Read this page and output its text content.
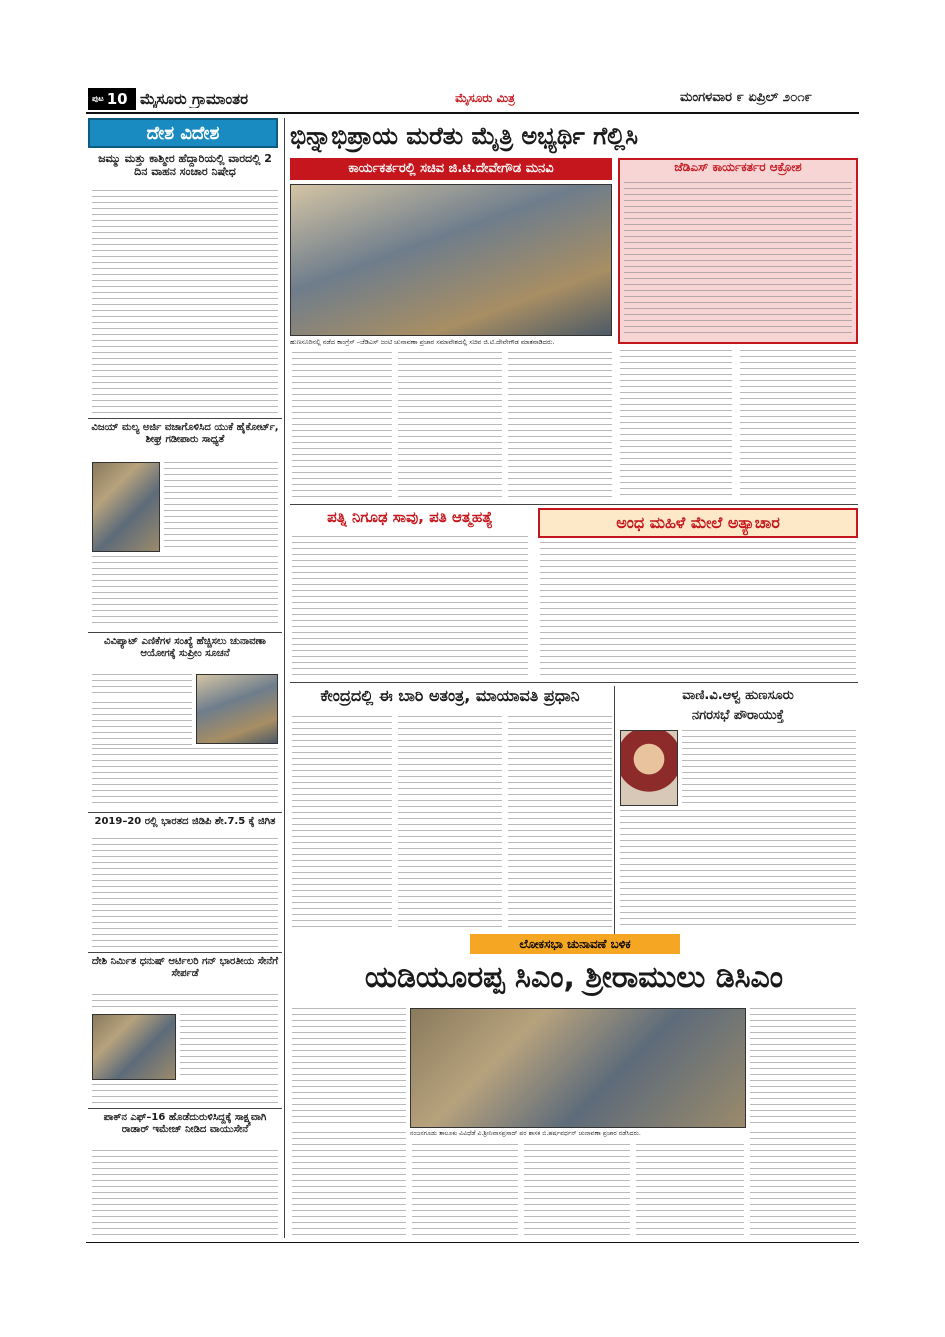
ಪುಟ 10 ಮೈಸೂರು ಗ್ರಾಮಾಂತರ	ಮೈಸೂರು ಮಿತ್ರ	ಮಂಗಳವಾರ ೯ ಏಪ್ರಿಲ್ ೨೦೧೯
ದೇಶ ವಿದೇಶ
ಜಮ್ಮು ಮತ್ತು ಕಾಶ್ಮೀರ ಹೆದ್ದಾರಿಯಲ್ಲಿ ವಾರದಲ್ಲಿ 2 ದಿನ ವಾಹನ ಸಂಚಾರ ನಿಷೇಧ
ವಿಜಯ್ ಮಲ್ಯ ಅರ್ಜಿ ವಜಾಗೊಳಿಸಿದ ಯುಕೆ ಹೈಕೋರ್ಟ್, ಶೀಘ್ರ ಗಡೀಪಾರು ಸಾಧ್ಯತೆ
ವಿವಿಪ್ಯಾಟ್ ಎಣಿಕೆಗಳ ಸಂಖ್ಯೆ ಹೆಚ್ಚಿಸಲು ಚುನಾವಣಾ ಆಯೋಗಕ್ಕೆ ಸುಪ್ರೀಂ ಸೂಚನೆ
2019–20 ರಲ್ಲಿ ಭಾರತದ ಜಿಡಿಪಿ ಶೇ.7.5 ಕ್ಕೆ ಜಿಗಿತ
ದೇಶಿ ನಿರ್ಮಿತ ಧನುಷ್ ಆರ್ಟಿಲರಿ ಗನ್ ಭಾರತೀಯ ಸೇನೆಗೆ ಸೇರ್ಪಡೆ
ಪಾಕ್‌ನ ಎಫ್–16 ಹೊಡೆದುರುಳಿಸಿದ್ದಕ್ಕೆ ಸಾಕ್ಷ್ಯವಾಗಿ ರಾಡಾರ್ ಇಮೇಜ್ ನೀಡಿದ ವಾಯುಸೇನೆ
ಭಿನ್ನಾಭಿಪ್ರಾಯ ಮರೆತು ಮೈತ್ರಿ ಅಭ್ಯರ್ಥಿ ಗೆಲ್ಲಿಸಿ
ಕಾರ್ಯಕರ್ತರಲ್ಲಿ ಸಚಿವ ಜಿ.ಟಿ.ದೇವೇಗೌಡ ಮನವಿ
ಹುಣಸೂರಿನಲ್ಲಿ ನಡೆದ ಕಾಂಗ್ರೆಸ್ –ಜೆಡಿಎಸ್ ಜಂಟಿ ಚುನಾವಣಾ ಪ್ರಚಾರ ಸಮಾವೇಶದಲ್ಲಿ ಸಚಿವ ಜಿ.ಟಿ.ದೇವೇಗೌಡ ಮಾತನಾಡಿದರು.
ಜೆಡಿಎಸ್ ಕಾರ್ಯಕರ್ತರ ಆಕ್ರೋಶ
ಪತ್ನಿ ನಿಗೂಢ ಸಾವು, ಪತಿ ಆತ್ಮಹತ್ಯೆ	ಅಂಧ ಮಹಿಳೆ ಮೇಲೆ ಅತ್ಯಾಚಾರ
ಕೇಂದ್ರದಲ್ಲಿ ಈ ಬಾರಿ ಅತಂತ್ರ, ಮಾಯಾವತಿ ಪ್ರಧಾನಿ	ವಾಣಿ.ವಿ.ಆಳ್ವ ಹುಣಸೂರು
ನಗರಸಭೆ ಪೌರಾಯುಕ್ತೆ
ಲೋಕಸಭಾ ಚುನಾವಣೆ ಬಳಿಕ
ಯಡಿಯೂರಪ್ಪ ಸಿಎಂ, ಶ್ರೀರಾಮುಲು ಡಿಸಿಎಂ
ನಂಜನಗೂಡು ತಾಲೂಕು ವಿವಿಧೆಡೆ ವಿ.ಶ್ರೀನಿವಾಸಪ್ರಸಾದ್ ಪರ ಶಾಸಕ ಬಿ.ಹರ್ಷವರ್ಧನ್ ಚುನಾವಣಾ ಪ್ರಚಾರ ನಡೆಸಿದರು.
